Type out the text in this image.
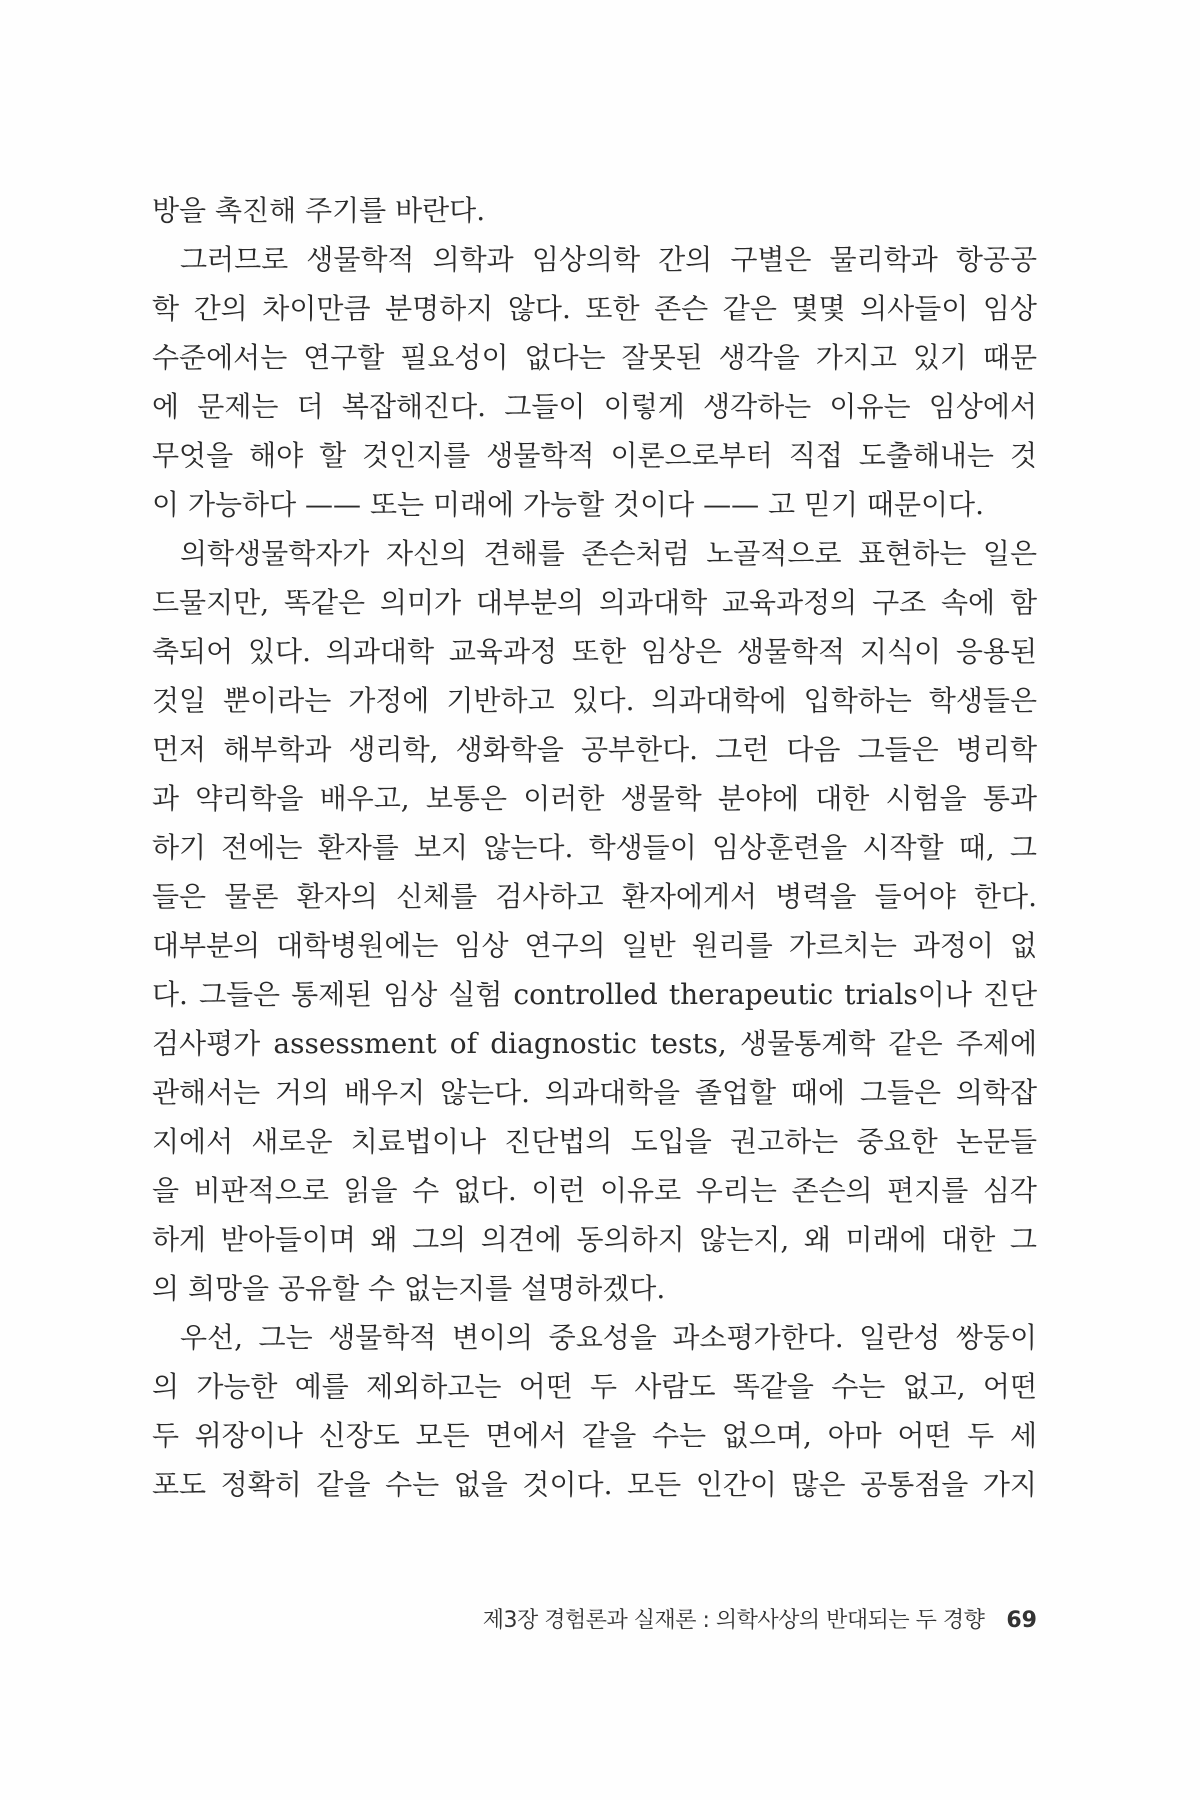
방을 촉진해 주기를 바란다.
그러므로 생물학적 의학과 임상의학 간의 구별은 물리학과 항공공
학 간의 차이만큼 분명하지 않다. 또한 존슨 같은 몇몇 의사들이 임상
수준에서는 연구할 필요성이 없다는 잘못된 생각을 가지고 있기 때문
에 문제는 더 복잡해진다. 그들이 이렇게 생각하는 이유는 임상에서
무엇을 해야 할 것인지를 생물학적 이론으로부터 직접 도출해내는 것
이 가능하다 —— 또는 미래에 가능할 것이다 —— 고 믿기 때문이다.
의학생물학자가 자신의 견해를 존슨처럼 노골적으로 표현하는 일은
드물지만, 똑같은 의미가 대부분의 의과대학 교육과정의 구조 속에 함
축되어 있다. 의과대학 교육과정 또한 임상은 생물학적 지식이 응용된
것일 뿐이라는 가정에 기반하고 있다. 의과대학에 입학하는 학생들은
먼저 해부학과 생리학, 생화학을 공부한다. 그런 다음 그들은 병리학
과 약리학을 배우고, 보통은 이러한 생물학 분야에 대한 시험을 통과
하기 전에는 환자를 보지 않는다. 학생들이 임상훈련을 시작할 때, 그
들은 물론 환자의 신체를 검사하고 환자에게서 병력을 들어야 한다.
대부분의 대학병원에는 임상 연구의 일반 원리를 가르치는 과정이 없
다. 그들은 통제된 임상 실험 controlled therapeutic trials이나 진단
검사평가 assessment of diagnostic tests, 생물통계학 같은 주제에
관해서는 거의 배우지 않는다. 의과대학을 졸업할 때에 그들은 의학잡
지에서 새로운 치료법이나 진단법의 도입을 권고하는 중요한 논문들
을 비판적으로 읽을 수 없다. 이런 이유로 우리는 존슨의 편지를 심각
하게 받아들이며 왜 그의 의견에 동의하지 않는지, 왜 미래에 대한 그
의 희망을 공유할 수 없는지를 설명하겠다.
우선, 그는 생물학적 변이의 중요성을 과소평가한다. 일란성 쌍둥이
의 가능한 예를 제외하고는 어떤 두 사람도 똑같을 수는 없고, 어떤
두 위장이나 신장도 모든 면에서 같을 수는 없으며, 아마 어떤 두 세
포도 정확히 같을 수는 없을 것이다. 모든 인간이 많은 공통점을 가지
제3장 경험론과 실재론 : 의학사상의 반대되는 두 경향 69
